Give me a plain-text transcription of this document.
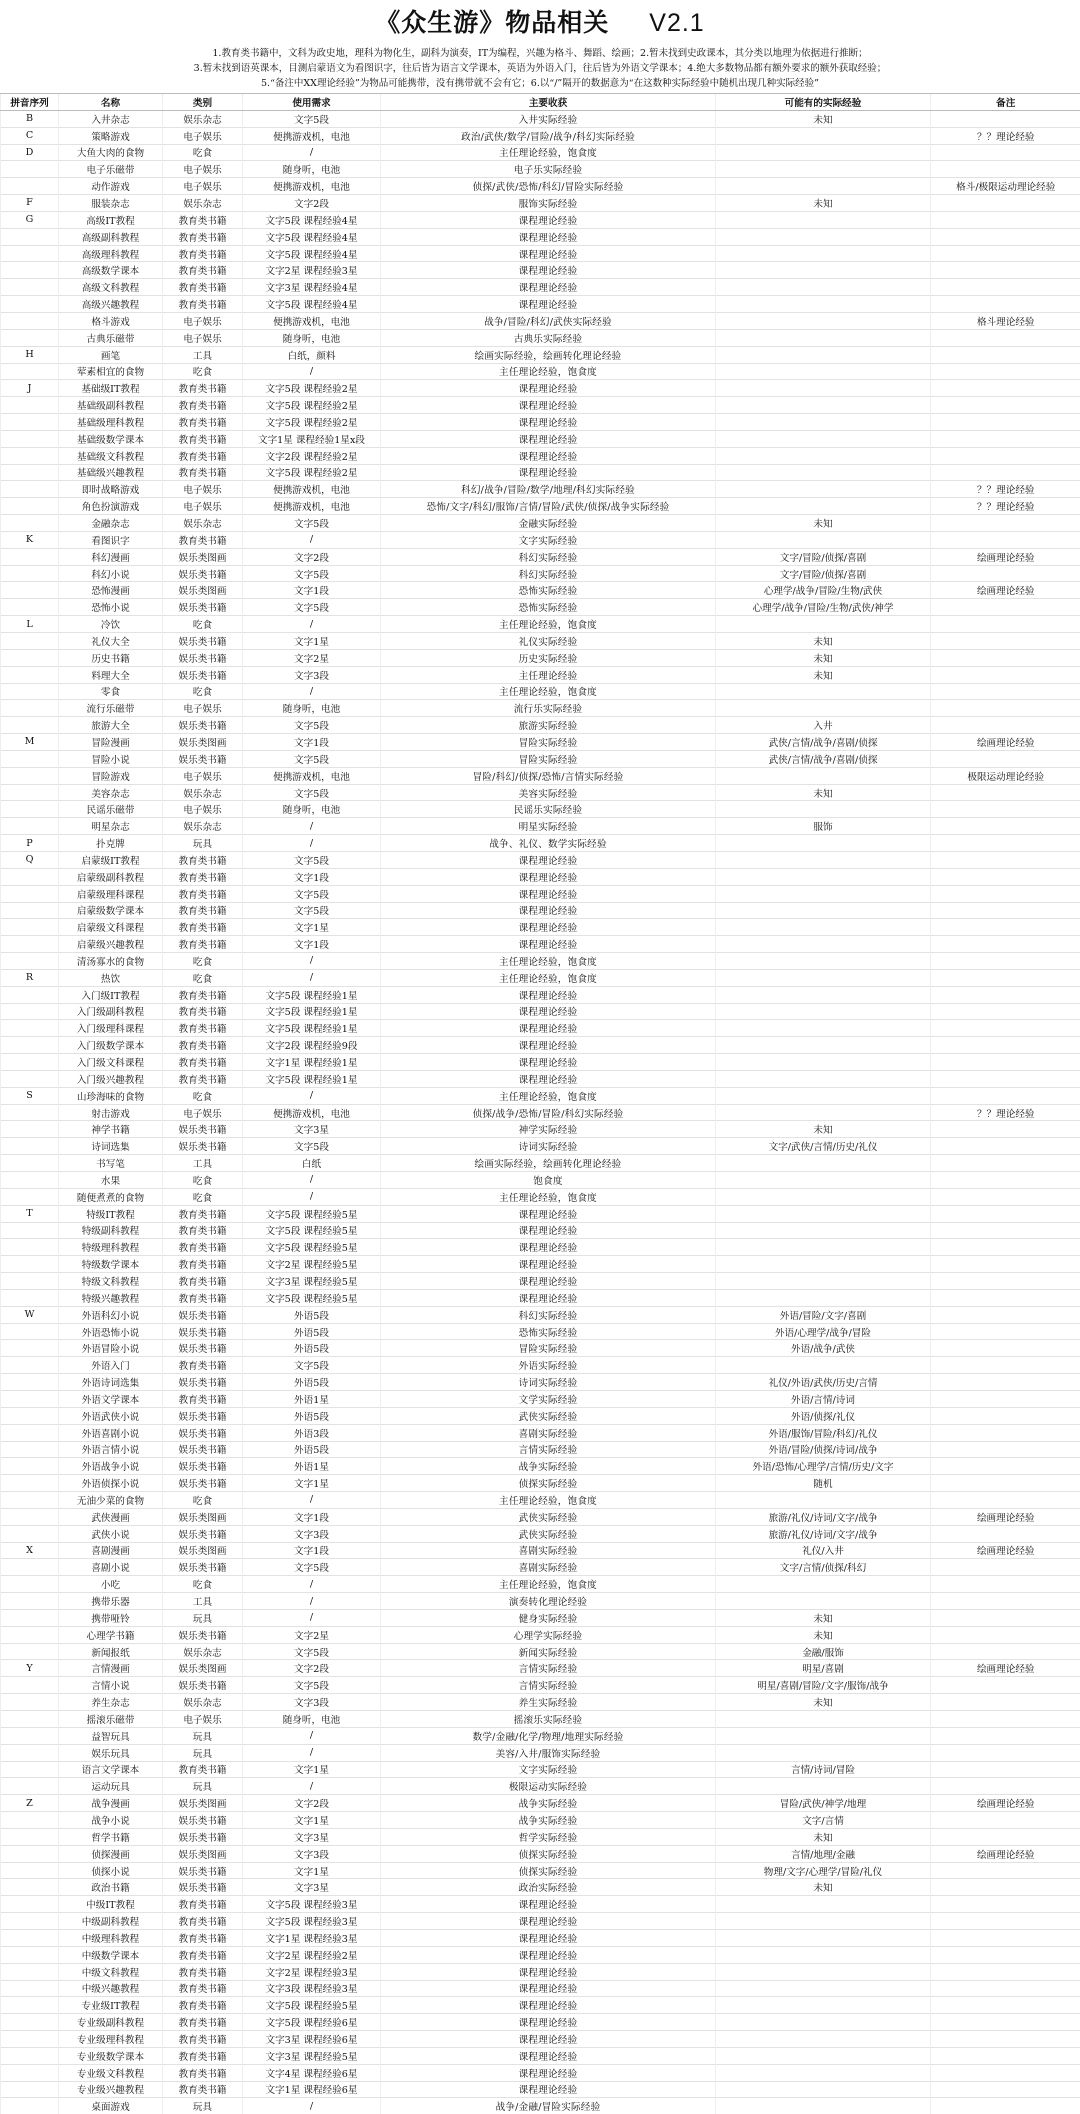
《众生游》物品相关 V2.1
1.教育类书籍中，文科为政史地，理科为物化生，副科为演奏，IT为编程，兴趣为格斗、舞蹈、绘画；2.暂未找到史政课本，其分类以地理为依据进行推断；
3.暂未找到语英课本，目测启蒙语文为看图识字，往后皆为语言文学课本，英语为外语入门，往后皆为外语文学课本；4.绝大多数物品都有额外要求的额外获取经验；
5.“备注中XX理论经验”为物品可能携带，没有携带就不会有它；6.以“/”隔开的数据意为“在这数种实际经验中随机出现几种实际经验”
拼音序列	名称	类别	使用需求	主要收获	可能有的实际经验	备注
B	入井杂志	娱乐杂志	文字5段	入井实际经验	未知	
C	策略游戏	电子娱乐	便携游戏机，电池	政治/武侠/数学/冒险/战争/科幻实际经验		？？理论经验
D	大鱼大肉的食物	吃食	/	主任理论经验，饱食度		
	电子乐磁带	电子娱乐	随身听，电池	电子乐实际经验		
	动作游戏	电子娱乐	便携游戏机，电池	侦探/武侠/恐怖/科幻/冒险实际经验		格斗/极限运动理论经验
F	服装杂志	娱乐杂志	文字2段	服饰实际经验	未知	
G	高级IT教程	教育类书籍	文字5段 课程经验4星	课程理论经验		
	高级副科教程	教育类书籍	文字5段 课程经验4星	课程理论经验		
	高级理科教程	教育类书籍	文字5段 课程经验4星	课程理论经验		
	高级数学课本	教育类书籍	文字2星 课程经验3星	课程理论经验		
	高级文科教程	教育类书籍	文字3星 课程经验4星	课程理论经验		
	高级兴趣教程	教育类书籍	文字5段 课程经验4星	课程理论经验		
	格斗游戏	电子娱乐	便携游戏机，电池	战争/冒险/科幻/武侠实际经验		格斗理论经验
	古典乐磁带	电子娱乐	随身听，电池	古典乐实际经验		
H	画笔	工具	白纸，颜料	绘画实际经验，绘画转化理论经验		
	荤素相宜的食物	吃食	/	主任理论经验，饱食度		
J	基础级IT教程	教育类书籍	文字5段 课程经验2星	课程理论经验		
	基础级副科教程	教育类书籍	文字5段 课程经验2星	课程理论经验		
	基础级理科教程	教育类书籍	文字5段 课程经验2星	课程理论经验		
	基础级数学课本	教育类书籍	文字1星 课程经验1星x段	课程理论经验		
	基础级文科教程	教育类书籍	文字2段 课程经验2星	课程理论经验		
	基础级兴趣教程	教育类书籍	文字5段 课程经验2星	课程理论经验		
	即时战略游戏	电子娱乐	便携游戏机，电池	科幻/战争/冒险/数学/地理/科幻实际经验		？？理论经验
	角色扮演游戏	电子娱乐	便携游戏机，电池	恐怖/文字/科幻/服饰/言情/冒险/武侠/侦探/战争实际经验		？？理论经验
	金融杂志	娱乐杂志	文字5段	金融实际经验	未知	
K	看图识字	教育类书籍	/	文字实际经验		
	科幻漫画	娱乐类图画	文字2段	科幻实际经验	文字/冒险/侦探/喜剧	绘画理论经验
	科幻小说	娱乐类书籍	文字5段	科幻实际经验	文字/冒险/侦探/喜剧	
	恐怖漫画	娱乐类图画	文字1段	恐怖实际经验	心理学/战争/冒险/生物/武侠	绘画理论经验
	恐怖小说	娱乐类书籍	文字5段	恐怖实际经验	心理学/战争/冒险/生物/武侠/神学	
L	冷饮	吃食	/	主任理论经验，饱食度		
	礼仪大全	娱乐类书籍	文字1星	礼仪实际经验	未知	
	历史书籍	娱乐类书籍	文字2星	历史实际经验	未知	
	料理大全	娱乐类书籍	文字3段	主任理论经验	未知	
	零食	吃食	/	主任理论经验，饱食度		
	流行乐磁带	电子娱乐	随身听，电池	流行乐实际经验		
	旅游大全	娱乐类书籍	文字5段	旅游实际经验	入井	
M	冒险漫画	娱乐类图画	文字1段	冒险实际经验	武侠/言情/战争/喜剧/侦探	绘画理论经验
	冒险小说	娱乐类书籍	文字5段	冒险实际经验	武侠/言情/战争/喜剧/侦探	
	冒险游戏	电子娱乐	便携游戏机，电池	冒险/科幻/侦探/恐怖/言情实际经验		极限运动理论经验
	美容杂志	娱乐杂志	文字5段	美容实际经验	未知	
	民谣乐磁带	电子娱乐	随身听，电池	民谣乐实际经验		
	明星杂志	娱乐杂志	/	明星实际经验	服饰	
P	扑克牌	玩具	/	战争、礼仪、数学实际经验		
Q	启蒙级IT教程	教育类书籍	文字5段	课程理论经验		
	启蒙级副科教程	教育类书籍	文字1段	课程理论经验		
	启蒙级理科课程	教育类书籍	文字5段	课程理论经验		
	启蒙级数学课本	教育类书籍	文字5段	课程理论经验		
	启蒙级文科课程	教育类书籍	文字1星	课程理论经验		
	启蒙级兴趣教程	教育类书籍	文字1段	课程理论经验		
	清汤寡水的食物	吃食	/	主任理论经验，饱食度		
R	热饮	吃食	/	主任理论经验，饱食度		
	入门级IT教程	教育类书籍	文字5段 课程经验1星	课程理论经验		
	入门级副科教程	教育类书籍	文字5段 课程经验1星	课程理论经验		
	入门级理科课程	教育类书籍	文字5段 课程经验1星	课程理论经验		
	入门级数学课本	教育类书籍	文字2段 课程经验9段	课程理论经验		
	入门级文科课程	教育类书籍	文字1星 课程经验1星	课程理论经验		
	入门级兴趣教程	教育类书籍	文字5段 课程经验1星	课程理论经验		
S	山珍海味的食物	吃食	/	主任理论经验，饱食度		
	射击游戏	电子娱乐	便携游戏机，电池	侦探/战争/恐怖/冒险/科幻实际经验		？？理论经验
	神学书籍	娱乐类书籍	文字3星	神学实际经验	未知	
	诗词选集	娱乐类书籍	文字5段	诗词实际经验	文字/武侠/言情/历史/礼仪	
	书写笔	工具	白纸	绘画实际经验，绘画转化理论经验		
	水果	吃食	/	饱食度		
	随便煮煮的食物	吃食	/	主任理论经验，饱食度		
T	特级IT教程	教育类书籍	文字5段 课程经验5星	课程理论经验		
	特级副科教程	教育类书籍	文字5段 课程经验5星	课程理论经验		
	特级理科教程	教育类书籍	文字5段 课程经验5星	课程理论经验		
	特级数学课本	教育类书籍	文字2星 课程经验5星	课程理论经验		
	特级文科教程	教育类书籍	文字3星 课程经验5星	课程理论经验		
	特级兴趣教程	教育类书籍	文字5段 课程经验5星	课程理论经验		
W	外语科幻小说	娱乐类书籍	外语5段	科幻实际经验	外语/冒险/文字/喜剧	
	外语恐怖小说	娱乐类书籍	外语5段	恐怖实际经验	外语/心理学/战争/冒险	
	外语冒险小说	娱乐类书籍	外语5段	冒险实际经验	外语/战争/武侠	
	外语入门	教育类书籍	文字5段	外语实际经验		
	外语诗词选集	娱乐类书籍	外语5段	诗词实际经验	礼仪/外语/武侠/历史/言情	
	外语文学课本	教育类书籍	外语1星	文学实际经验	外语/言情/诗词	
	外语武侠小说	娱乐类书籍	外语5段	武侠实际经验	外语/侦探/礼仪	
	外语喜剧小说	娱乐类书籍	外语3段	喜剧实际经验	外语/服饰/冒险/科幻/礼仪	
	外语言情小说	娱乐类书籍	外语5段	言情实际经验	外语/冒险/侦探/诗词/战争	
	外语战争小说	娱乐类书籍	外语1星	战争实际经验	外语/恐怖/心理学/言情/历史/文字	
	外语侦探小说	娱乐类书籍	文字1星	侦探实际经验	随机	
	无油少菜的食物	吃食	/	主任理论经验，饱食度		
	武侠漫画	娱乐类图画	文字1段	武侠实际经验	旅游/礼仪/诗词/文字/战争	绘画理论经验
	武侠小说	娱乐类书籍	文字3段	武侠实际经验	旅游/礼仪/诗词/文字/战争	
X	喜剧漫画	娱乐类图画	文字1段	喜剧实际经验	礼仪/入井	绘画理论经验
	喜剧小说	娱乐类书籍	文字5段	喜剧实际经验	文字/言情/侦探/科幻	
	小吃	吃食	/	主任理论经验，饱食度		
	携带乐器	工具	/	演奏转化理论经验		
	携带哑铃	玩具	/	健身实际经验	未知	
	心理学书籍	娱乐类书籍	文字2星	心理学实际经验	未知	
	新闻报纸	娱乐杂志	文字5段	新闻实际经验	金融/服饰	
Y	言情漫画	娱乐类图画	文字2段	言情实际经验	明星/喜剧	绘画理论经验
	言情小说	娱乐类书籍	文字5段	言情实际经验	明星/喜剧/冒险/文字/服饰/战争	
	养生杂志	娱乐杂志	文字3段	养生实际经验	未知	
	摇滚乐磁带	电子娱乐	随身听，电池	摇滚乐实际经验		
	益智玩具	玩具	/	数学/金融/化学/物理/地理实际经验		
	娱乐玩具	玩具	/	美容/入井/服饰实际经验		
	语言文学课本	教育类书籍	文字1星	文字实际经验	言情/诗词/冒险	
	运动玩具	玩具	/	极限运动实际经验		
Z	战争漫画	娱乐类图画	文字2段	战争实际经验	冒险/武侠/神学/地理	绘画理论经验
	战争小说	娱乐类书籍	文字1星	战争实际经验	文字/言情	
	哲学书籍	娱乐类书籍	文字3星	哲学实际经验	未知	
	侦探漫画	娱乐类图画	文字3段	侦探实际经验	言情/地理/金融	绘画理论经验
	侦探小说	娱乐类书籍	文字1星	侦探实际经验	物理/文字/心理学/冒险/礼仪	
	政治书籍	娱乐类书籍	文字3星	政治实际经验	未知	
	中级IT教程	教育类书籍	文字5段 课程经验3星	课程理论经验		
	中级副科教程	教育类书籍	文字5段 课程经验3星	课程理论经验		
	中级理科教程	教育类书籍	文字1星 课程经验3星	课程理论经验		
	中级数学课本	教育类书籍	文字2星 课程经验2星	课程理论经验		
	中级文科教程	教育类书籍	文字2星 课程经验3星	课程理论经验		
	中级兴趣教程	教育类书籍	文字3段 课程经验3星	课程理论经验		
	专业级IT教程	教育类书籍	文字5段 课程经验5星	课程理论经验		
	专业级副科教程	教育类书籍	文字5段 课程经验6星	课程理论经验		
	专业级理科教程	教育类书籍	文字3星 课程经验6星	课程理论经验		
	专业级数学课本	教育类书籍	文字3星 课程经验5星	课程理论经验		
	专业级文科教程	教育类书籍	文字4星 课程经验6星	课程理论经验		
	专业级兴趣教程	教育类书籍	文字1星 课程经验6星	课程理论经验		
	桌面游戏	玩具	/	战争/金融/冒险实际经验		
